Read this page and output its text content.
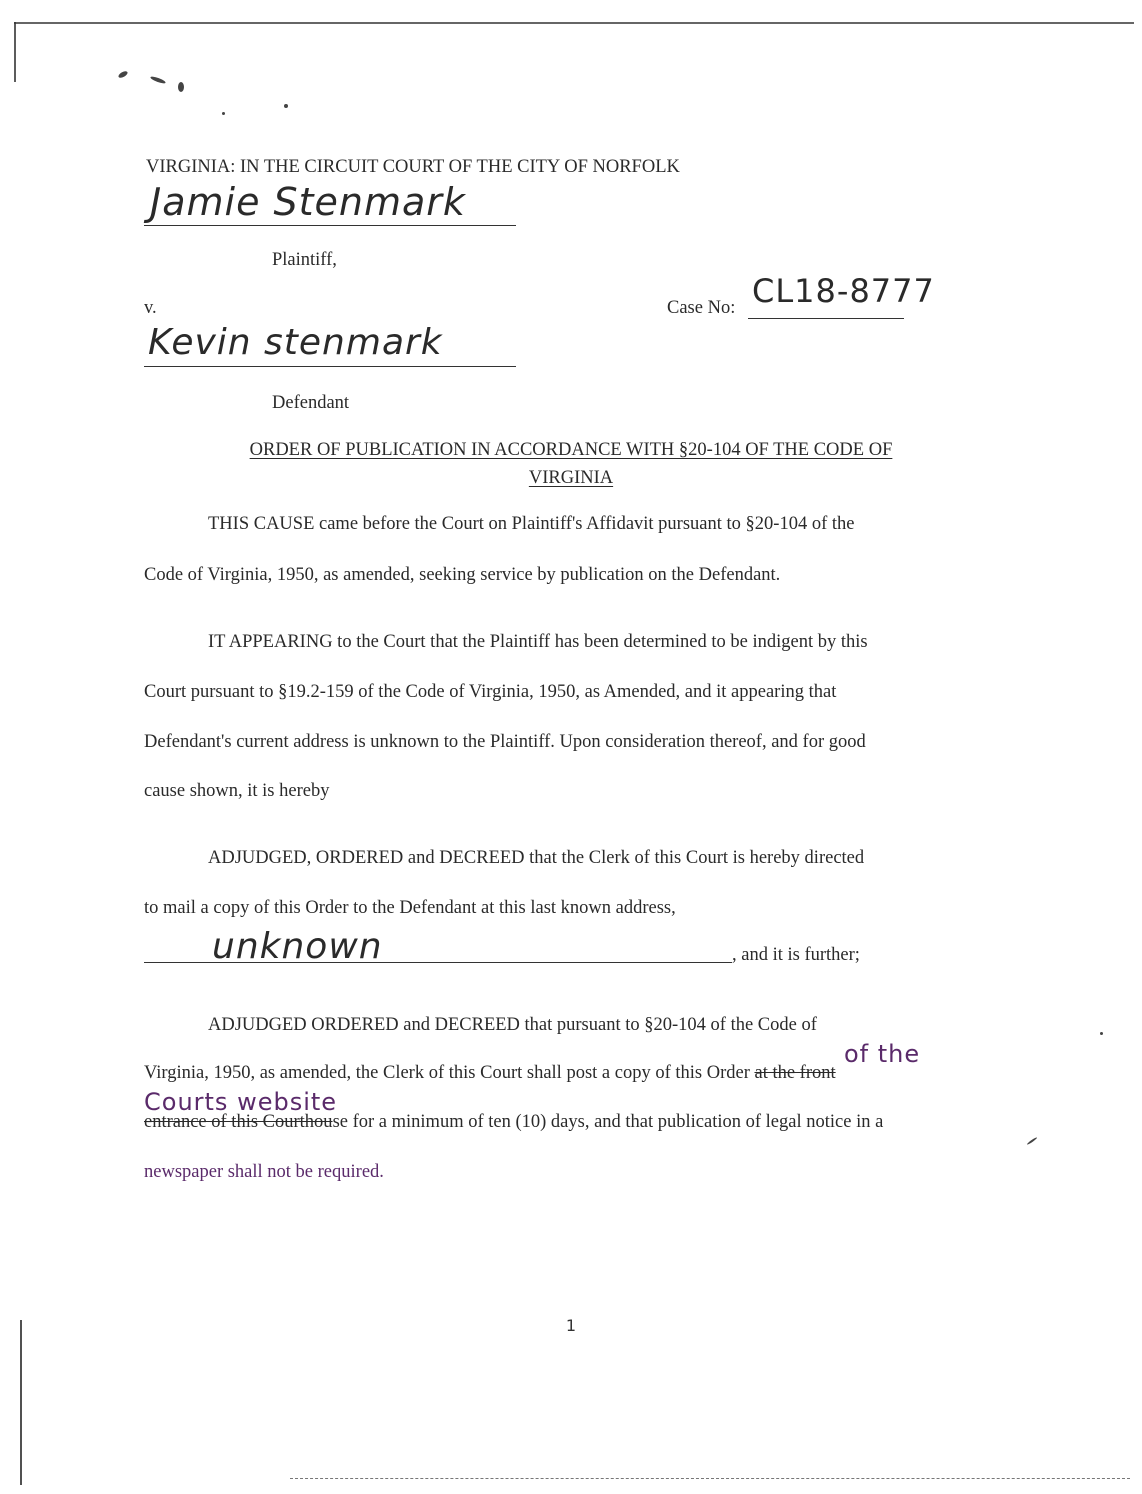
VIRGINIA: IN THE CIRCUIT COURT OF THE CITY OF NORFOLK
Jamie Stenmark
Plaintiff,
v.	Case No: CL18-8777
Kevin stenmark
Defendant
ORDER OF PUBLICATION IN ACCORDANCE WITH §20-104 OF THE CODE OF
VIRGINIA
THIS CAUSE came before the Court on Plaintiff's Affidavit pursuant to §20-104 of the
Code of Virginia, 1950, as amended, seeking service by publication on the Defendant.
IT APPEARING to the Court that the Plaintiff has been determined to be indigent by this
Court pursuant to §19.2-159 of the Code of Virginia, 1950, as Amended, and it appearing that
Defendant's current address is unknown to the Plaintiff. Upon consideration thereof, and for good
cause shown, it is hereby
ADJUDGED, ORDERED and DECREED that the Clerk of this Court is hereby directed
to mail a copy of this Order to the Defendant at this last known address,
unknown	, and it is further;
ADJUDGED ORDERED and DECREED that pursuant to §20-104 of the Code of
Virginia, 1950, as amended, the Clerk of this Court shall post a copy of this Order at the front
of the
entrance of this Courthouse for a minimum of ten (10) days, and that publication of legal notice in a
Courts website
newspaper shall not be required.
1
